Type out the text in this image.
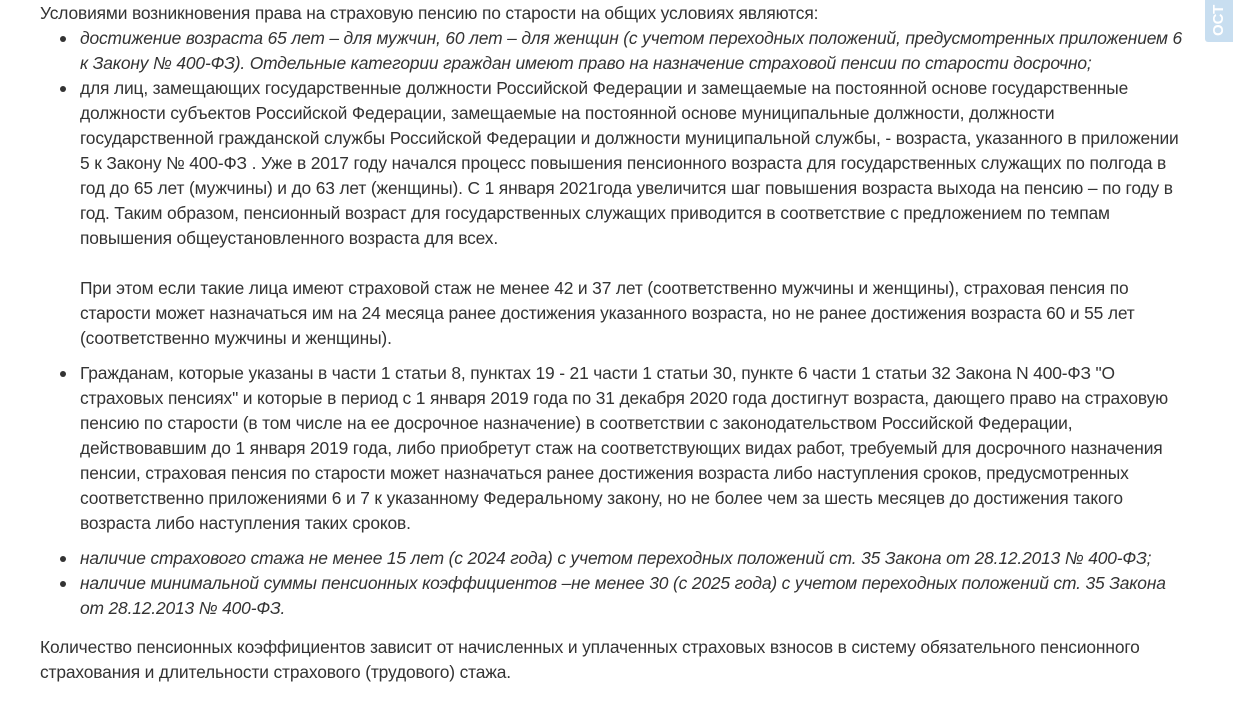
ОСТ

Условиями возникновения права на страховую пенсию по старости на общих условиях являются:

достижение возраста 65 лет – для мужчин, 60 лет – для женщин (с учетом переходных положений, предусмотренных приложением 6 к Закону № 400-ФЗ). Отдельные категории граждан имеют право на назначение страховой пенсии по старости досрочно;
для лиц, замещающих государственные должности Российской Федерации и замещаемые на постоянной основе государственные должности субъектов Российской Федерации, замещаемые на постоянной основе муниципальные должности, должности государственной гражданской службы Российской Федерации и должности муниципальной службы, - возраста, указанного в приложении 5 к Закону № 400-ФЗ . Уже в 2017 году начался процесс повышения пенсионного возраста для государственных служащих по полгода в год до 65 лет (мужчины) и до 63 лет (женщины). С 1 января 2021года увеличится шаг повышения возраста выхода на пенсию – по году в год. Таким образом, пенсионный возраст для государственных служащих приводится в соответствие с предложением по темпам повышения общеустановленного возраста для всех.
При этом если такие лица имеют страховой стаж не менее 42 и 37 лет (соответственно мужчины и женщины), страховая пенсия по старости может назначаться им на 24 месяца ранее достижения указанного возраста, но не ранее достижения возраста 60 и 55 лет (соответственно мужчины и женщины).
Гражданам, которые указаны в части 1 статьи 8, пунктах 19 - 21 части 1 статьи 30, пункте 6 части 1 статьи 32 Закона N 400-ФЗ "О страховых пенсиях" и которые в период с 1 января 2019 года по 31 декабря 2020 года достигнут возраста, дающего право на страховую пенсию по старости (в том числе на ее досрочное назначение) в соответствии с законодательством Российской Федерации, действовавшим до 1 января 2019 года, либо приобретут стаж на соответствующих видах работ, требуемый для досрочного назначения пенсии, страховая пенсия по старости может назначаться ранее достижения возраста либо наступления сроков, предусмотренных соответственно приложениями 6 и 7 к указанному Федеральному закону, но не более чем за шесть месяцев до достижения такого возраста либо наступления таких сроков.
наличие страхового стажа не менее 15 лет (с 2024 года) с учетом переходных положений ст. 35 Закона от 28.12.2013 № 400-ФЗ;
наличие минимальной суммы пенсионных коэффициентов –не менее 30 (с 2025 года) с учетом переходных положений ст. 35 Закона от 28.12.2013 № 400-ФЗ.

Количество пенсионных коэффициентов зависит от начисленных и уплаченных страховых взносов в систему обязательного пенсионного страхования и длительности страхового (трудового) стажа.
